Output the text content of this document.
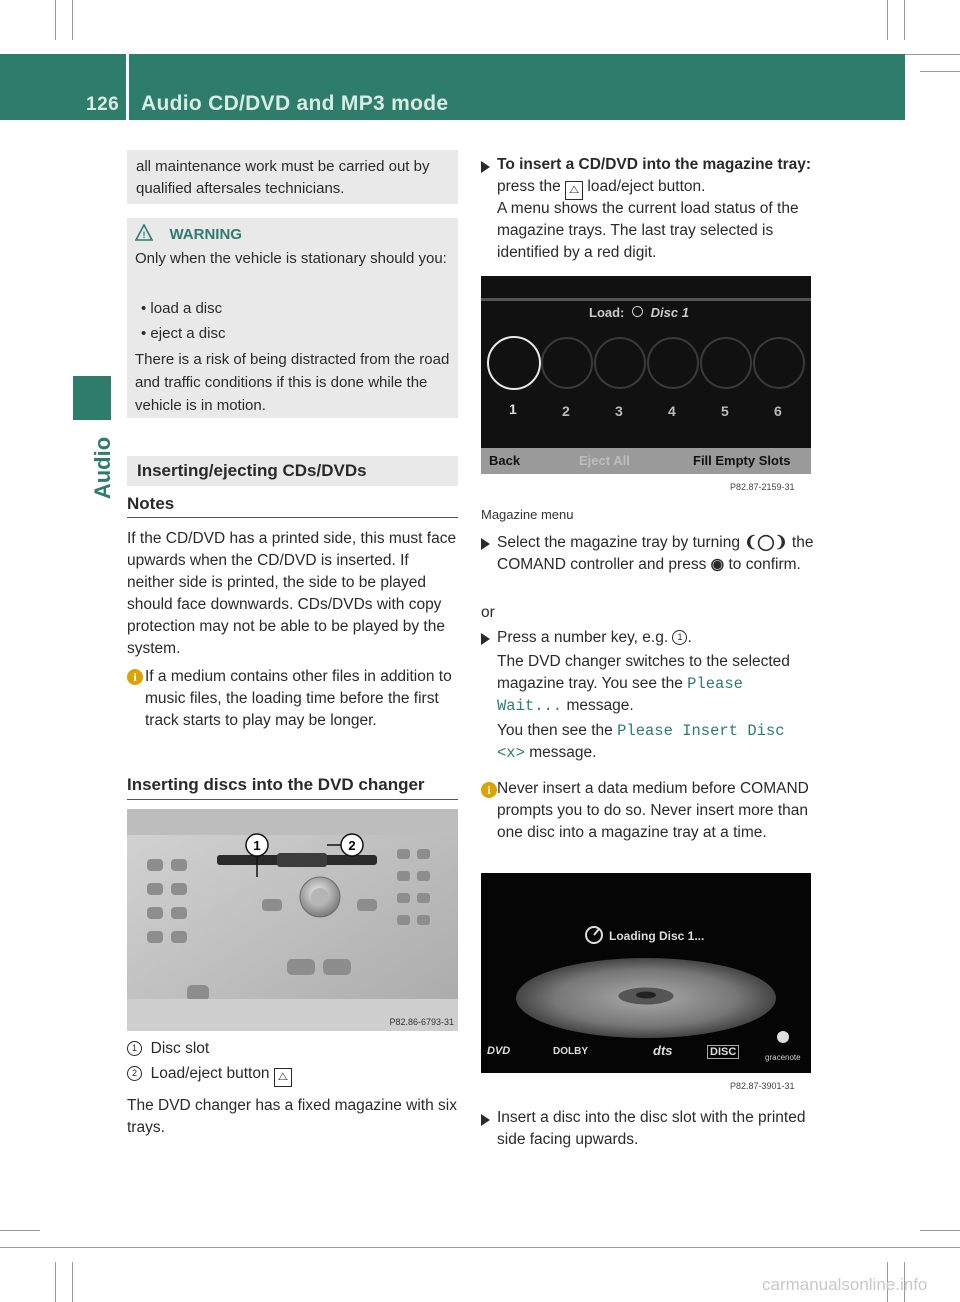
126 Audio CD/DVD and MP3 mode
Audio
all maintenance work must be carried out by qualified aftersales technicians.
! WARNING
Only when the vehicle is stationary should you:
• load a disc
• eject a disc
There is a risk of being distracted from the road and traffic conditions if this is done while the vehicle is in motion.
Inserting/ejecting CDs/DVDs
Notes
If the CD/DVD has a printed side, this must face upwards when the CD/DVD is inserted. If neither side is printed, the side to be played should face downwards. CDs/DVDs with copy protection may not be able to be played by the system.
i If a medium contains other files in addition to music files, the loading time before the first track starts to play may be longer.
Inserting discs into the DVD changer
1	2
P82.86-6793-31
1 Disc slot
2 Load/eject button ⧍
The DVD changer has a fixed magazine with six trays.
To insert a CD/DVD into the magazine tray: press the ⧍ load/eject button.
A menu shows the current load status of the magazine trays. The last tray selected is identified by a red digit.
Load: Disc 1
1	2	3	4	5	6
Back	Eject All	Fill Empty Slots
P82.87-2159-31
Magazine menu
Select the magazine tray by turning ❨◯❩ the COMAND controller and press ◉ to confirm.
or
Press a number key, e.g. 1 .
The DVD changer switches to the selected magazine tray. You see the Please Wait... message.
You then see the Please Insert Disc
<x> message.
i Never insert a data medium before COMAND prompts you to do so. Never insert more than one disc into a magazine tray at a time.
Loading Disc 1...
DVD	DOLBY	dts	DISC	gracenote
P82.87-3901-31
Insert a disc into the disc slot with the printed side facing upwards.
carmanualsonline.info
